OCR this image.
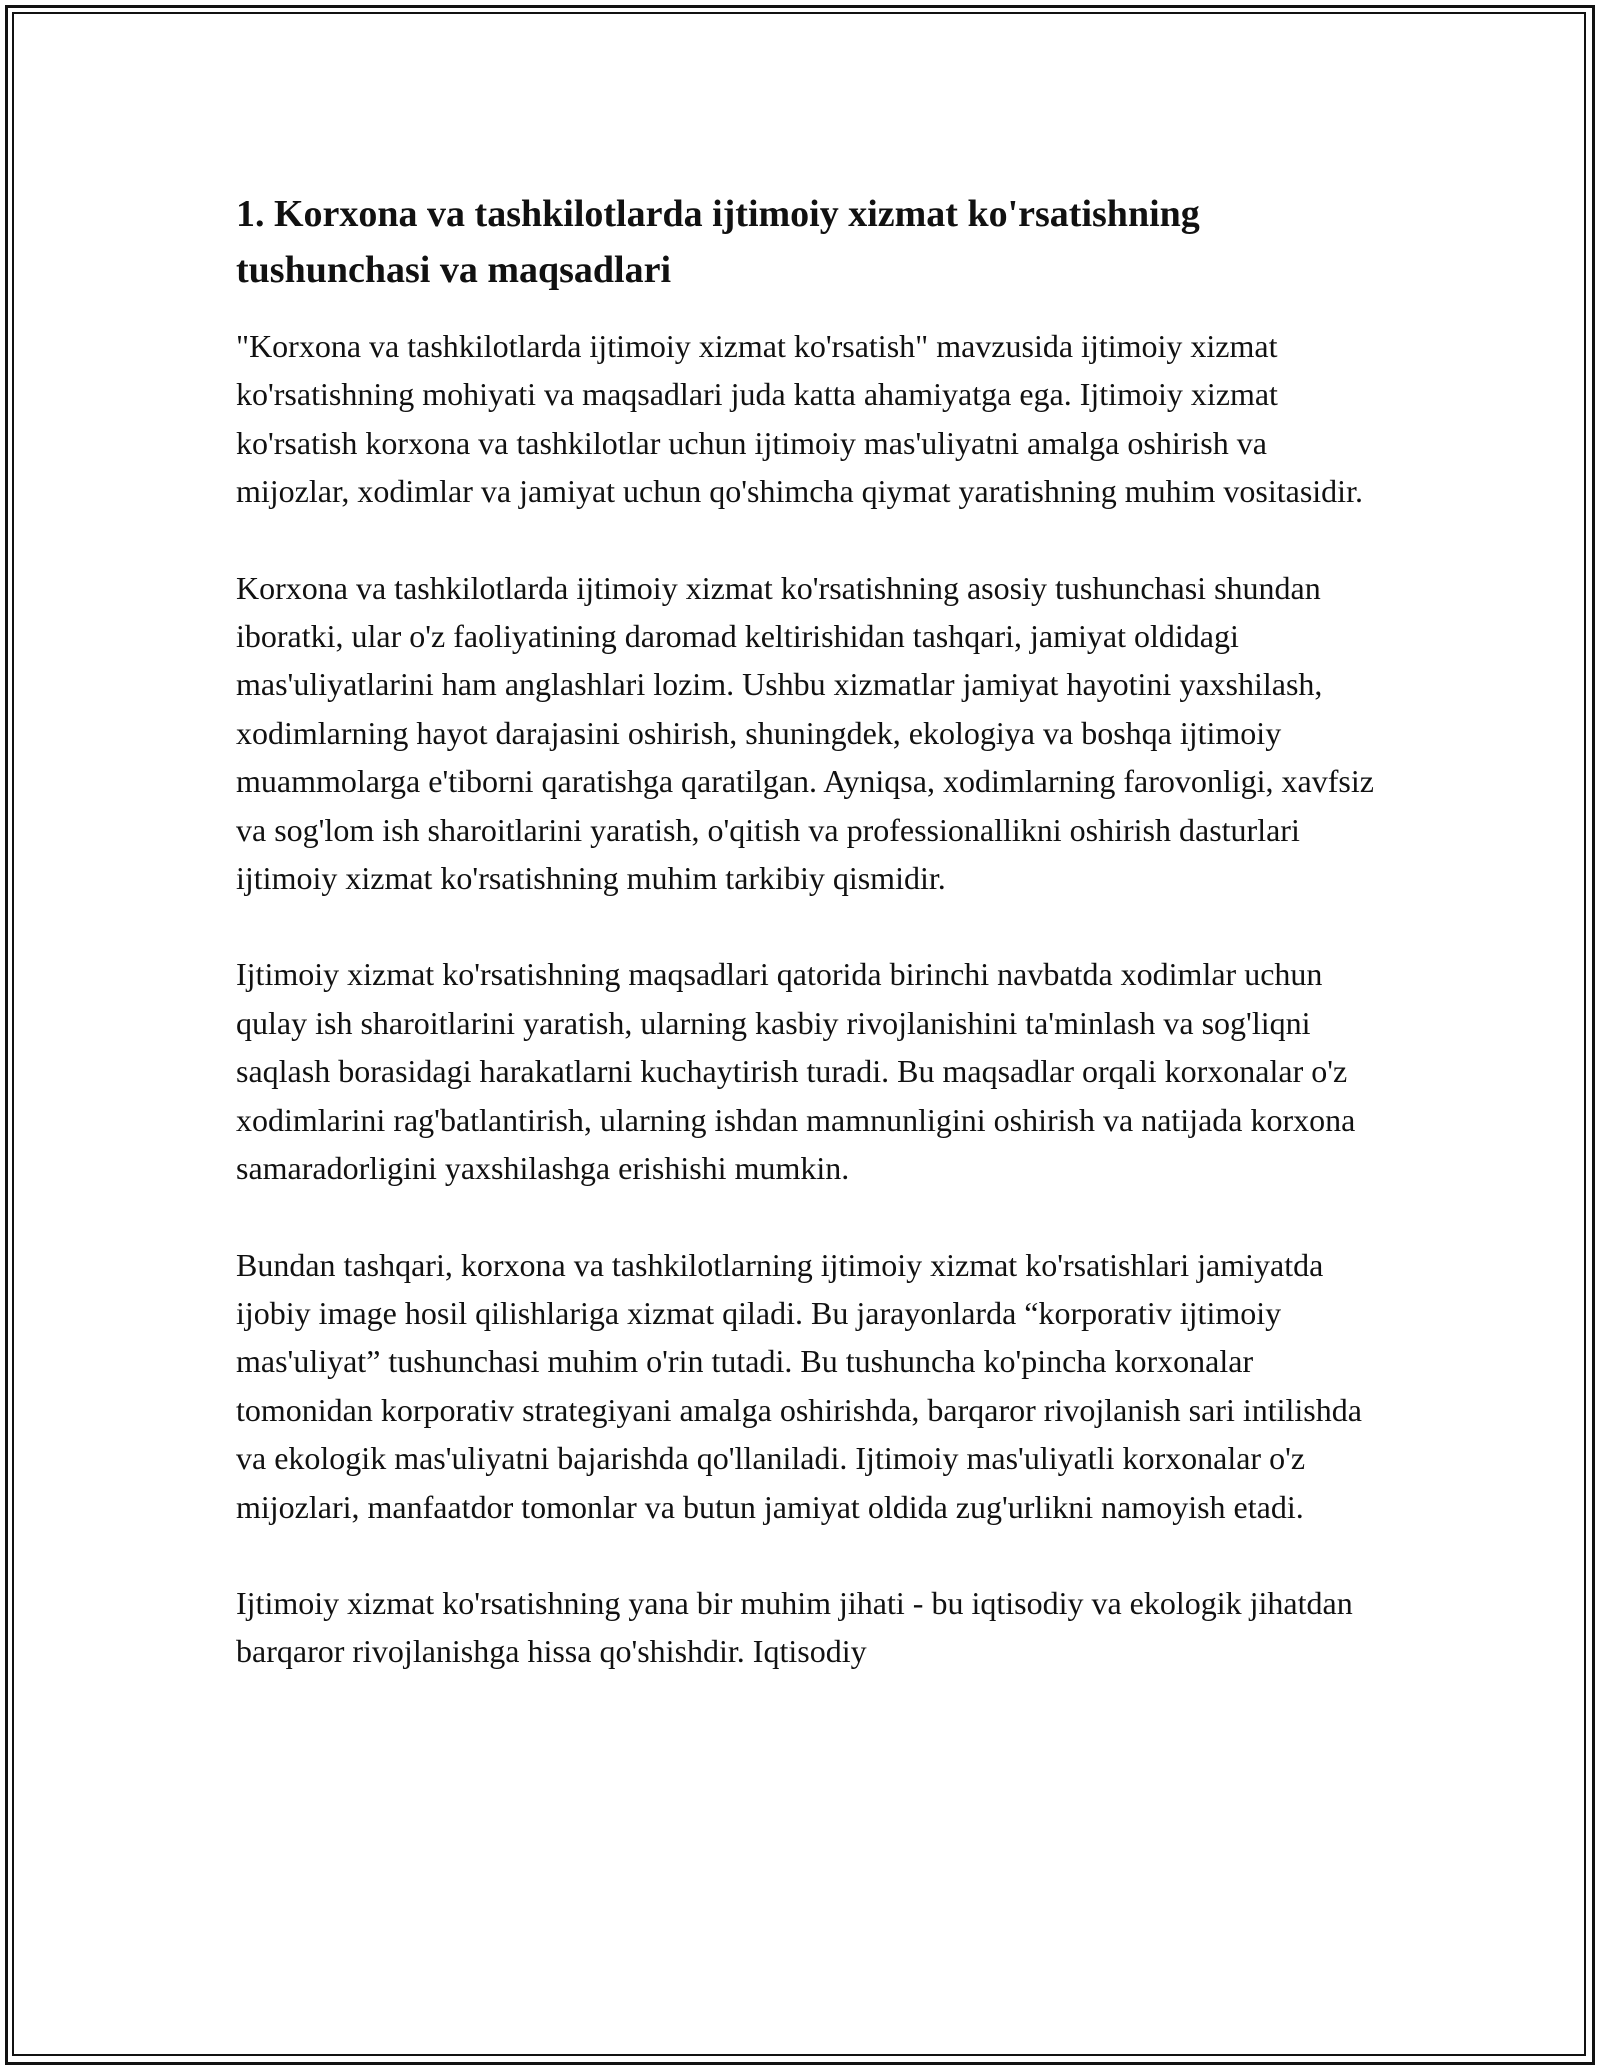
1. Korxona va tashkilotlarda ijtimoiy xizmat ko'rsatishning tushunchasi va maqsadlari

"Korxona va tashkilotlarda ijtimoiy xizmat ko'rsatish" mavzusida ijtimoiy xizmat ko'rsatishning mohiyati va maqsadlari juda katta ahamiyatga ega. Ijtimoiy xizmat ko'rsatish korxona va tashkilotlar uchun ijtimoiy mas'uliyatni amalga oshirish va mijozlar, xodimlar va jamiyat uchun qo'shimcha qiymat yaratishning muhim vositasidir.

Korxona va tashkilotlarda ijtimoiy xizmat ko'rsatishning asosiy tushunchasi shundan iboratki, ular o'z faoliyatining daromad keltirishidan tashqari, jamiyat oldidagi mas'uliyatlarini ham anglashlari lozim. Ushbu xizmatlar jamiyat hayotini yaxshilash, xodimlarning hayot darajasini oshirish, shuningdek, ekologiya va boshqa ijtimoiy muammolarga e'tiborni qaratishga qaratilgan. Ayniqsa, xodimlarning farovonligi, xavfsiz va sog'lom ish sharoitlarini yaratish, o'qitish va professionallikni oshirish dasturlari ijtimoiy xizmat ko'rsatishning muhim tarkibiy qismidir.

Ijtimoiy xizmat ko'rsatishning maqsadlari qatorida birinchi navbatda xodimlar uchun qulay ish sharoitlarini yaratish, ularning kasbiy rivojlanishini ta'minlash va sog'liqni saqlash borasidagi harakatlarni kuchaytirish turadi. Bu maqsadlar orqali korxonalar o'z xodimlarini rag'batlantirish, ularning ishdan mamnunligini oshirish va natijada korxona samaradorligini yaxshilashga erishishi mumkin.

Bundan tashqari, korxona va tashkilotlarning ijtimoiy xizmat ko'rsatishlari jamiyatda ijobiy image hosil qilishlariga xizmat qiladi. Bu jarayonlarda “korporativ ijtimoiy mas'uliyat” tushunchasi muhim o'rin tutadi. Bu tushuncha ko'pincha korxonalar tomonidan korporativ strategiyani amalga oshirishda, barqaror rivojlanish sari intilishda va ekologik mas'uliyatni bajarishda qo'llaniladi. Ijtimoiy mas'uliyatli korxonalar o'z mijozlari, manfaatdor tomonlar va butun jamiyat oldida zug'urlikni namoyish etadi.

Ijtimoiy xizmat ko'rsatishning yana bir muhim jihati - bu iqtisodiy va ekologik jihatdan barqaror rivojlanishga hissa qo'shishdir. Iqtisodiy
